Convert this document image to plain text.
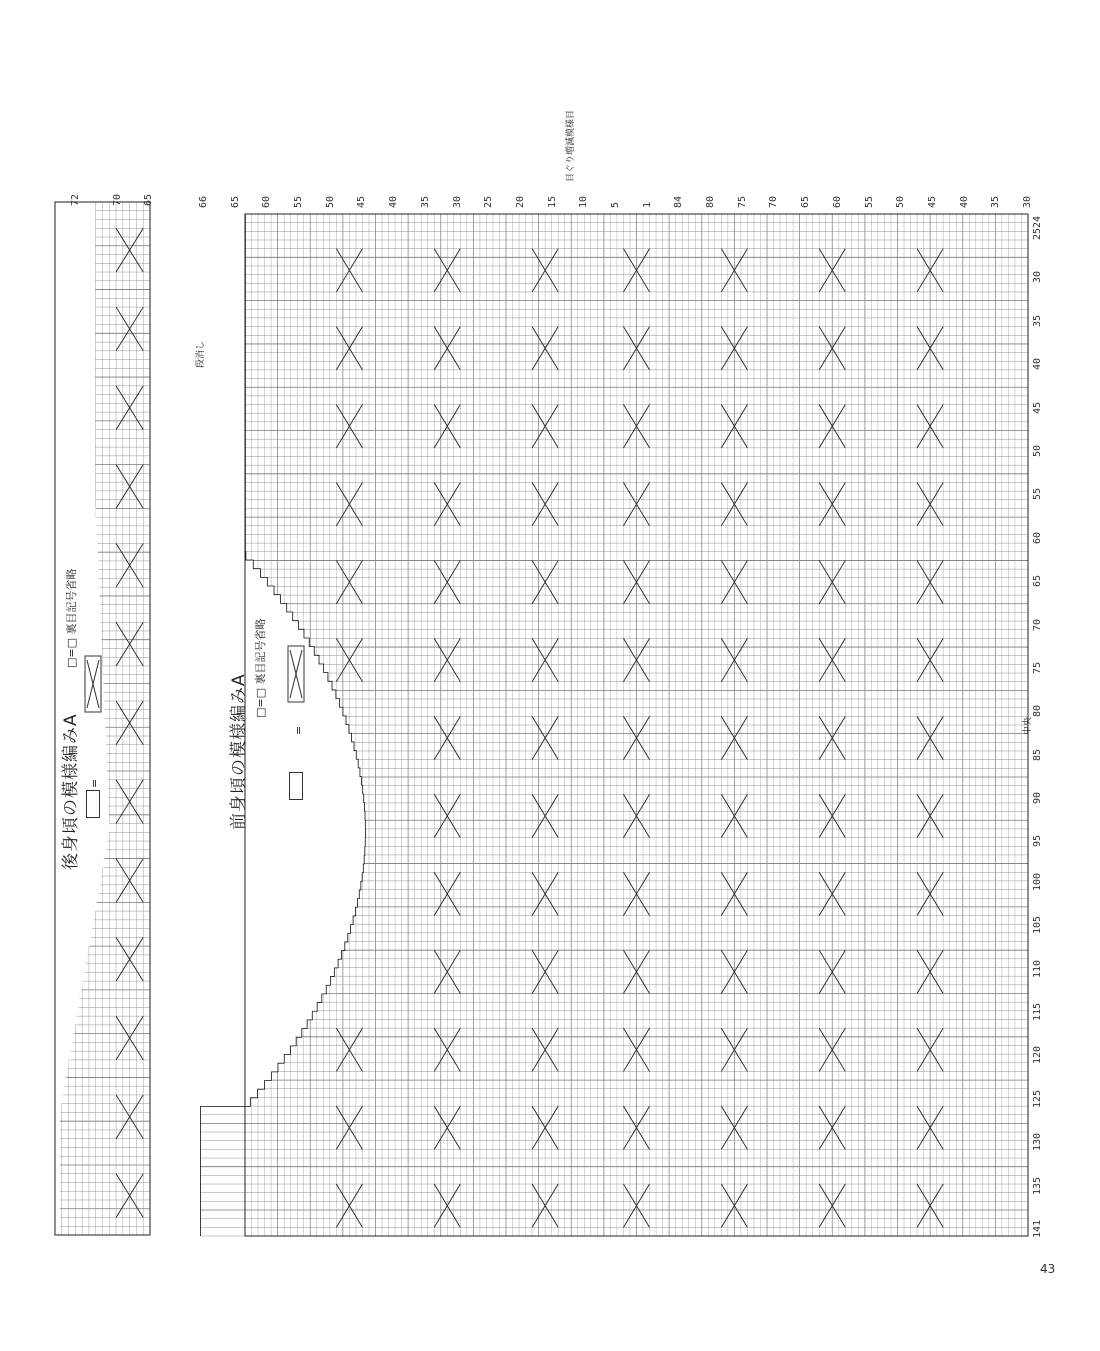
後身頃の模様編みA
□=□ 裏目記号省略
=	前身頃の模様編みA
□=□ 裏目記号省略
=
目ぐり増減模様目
段消し
中央
72	70 65	66 65 60 55 50 45 40 35 30 25 20 15 10 5 1 84 80 75 70 65 60 55 50 45 40 35 30
2524
30
35
40
45
50
55
60
65
70
75
80
85
90
95
100
105
110
115
120
125
130
135
141
43
